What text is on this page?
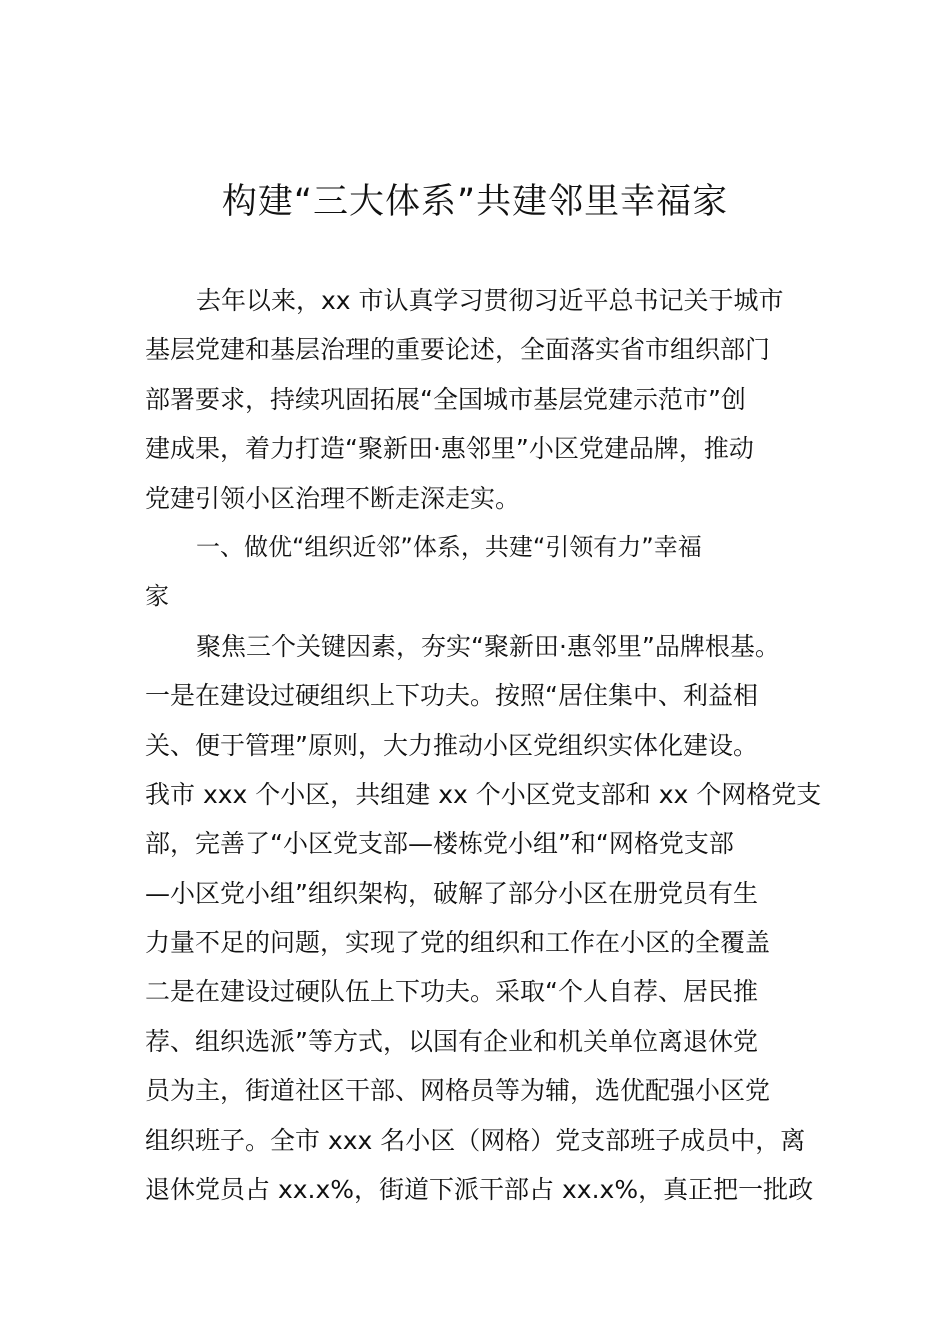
构建“三大体系”共建邻里幸福家
去年以来，xx 市认真学习贯彻习近平总书记关于城市
基层党建和基层治理的重要论述，全面落实省市组织部门
部署要求，持续巩固拓展“全国城市基层党建示范市”创
建成果，着力打造“聚新田·惠邻里”小区党建品牌，推动
党建引领小区治理不断走深走实。
一、做优“组织近邻”体系，共建“引领有力”幸福
家
聚焦三个关键因素，夯实“聚新田·惠邻里”品牌根基。
一是在建设过硬组织上下功夫。按照“居住集中、利益相
关、便于管理”原则，大力推动小区党组织实体化建设。
我市 xxx 个小区，共组建 xx 个小区党支部和 xx 个网格党支
部，完善了“小区党支部—楼栋党小组”和“网格党支部
—小区党小组”组织架构，破解了部分小区在册党员有生
力量不足的问题，实现了党的组织和工作在小区的全覆盖
二是在建设过硬队伍上下功夫。采取“个人自荐、居民推
荐、组织选派”等方式，以国有企业和机关单位离退休党
员为主，街道社区干部、网格员等为辅，选优配强小区党
组织班子。全市 xxx 名小区（网格）党支部班子成员中，离
退休党员占 xx.x%，街道下派干部占 xx.x%，真正把一批政
